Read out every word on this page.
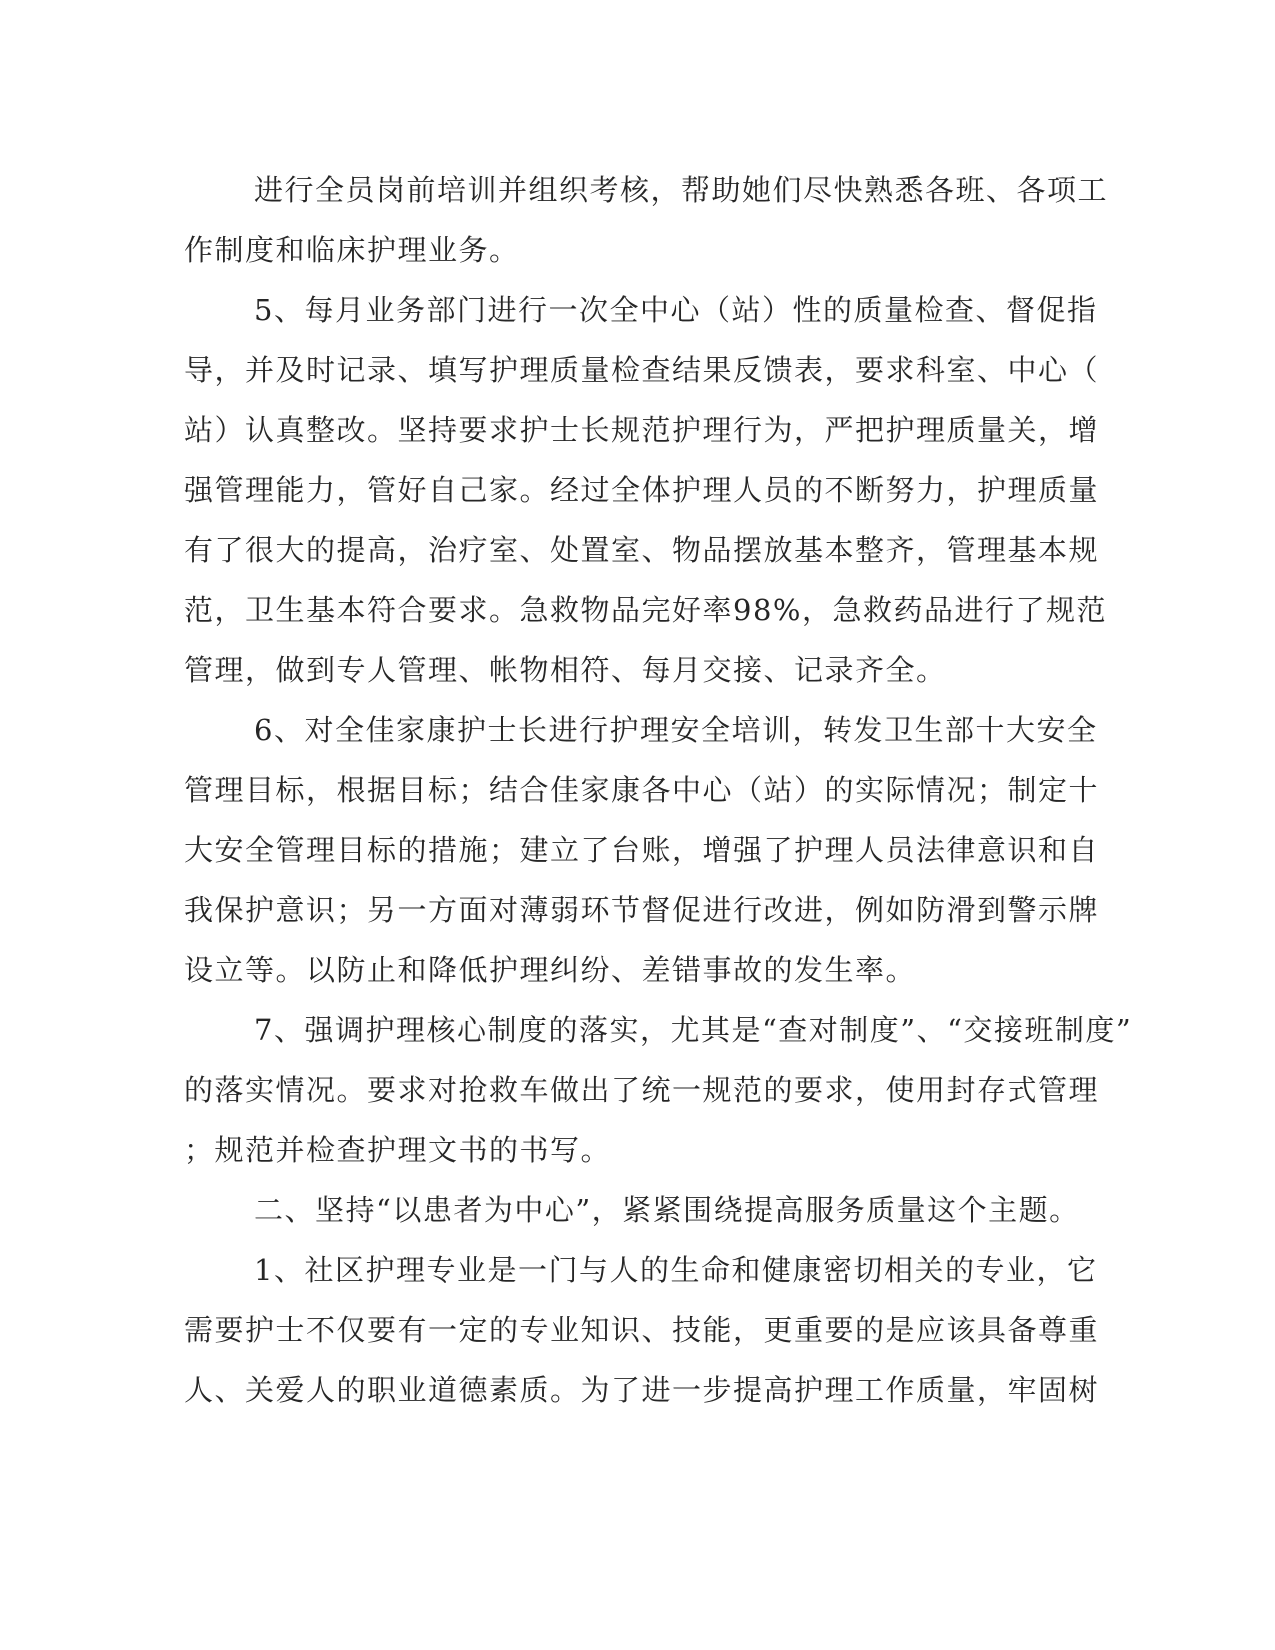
进行全员岗前培训并组织考核，帮助她们尽快熟悉各班、各项工
作制度和临床护理业务。
5、每月业务部门进行一次全中心（站）性的质量检查、督促指
导，并及时记录、填写护理质量检查结果反馈表，要求科室、中心（
站）认真整改。坚持要求护士长规范护理行为，严把护理质量关，增
强管理能力，管好自己家。经过全体护理人员的不断努力，护理质量
有了很大的提高，治疗室、处置室、物品摆放基本整齐，管理基本规
范，卫生基本符合要求。急救物品完好率98%，急救药品进行了规范
管理，做到专人管理、帐物相符、每月交接、记录齐全。
6、对全佳家康护士长进行护理安全培训，转发卫生部十大安全
管理目标，根据目标；结合佳家康各中心（站）的实际情况；制定十
大安全管理目标的措施；建立了台账，增强了护理人员法律意识和自
我保护意识；另一方面对薄弱环节督促进行改进，例如防滑到警示牌
设立等。以防止和降低护理纠纷、差错事故的发生率。
7、强调护理核心制度的落实，尤其是“查对制度”、“交接班制度”
的落实情况。要求对抢救车做出了统一规范的要求，使用封存式管理
；规范并检查护理文书的书写。
二、坚持“以患者为中心”，紧紧围绕提高服务质量这个主题。
1、社区护理专业是一门与人的生命和健康密切相关的专业，它
需要护士不仅要有一定的专业知识、技能，更重要的是应该具备尊重
人、关爱人的职业道德素质。为了进一步提高护理工作质量，牢固树
